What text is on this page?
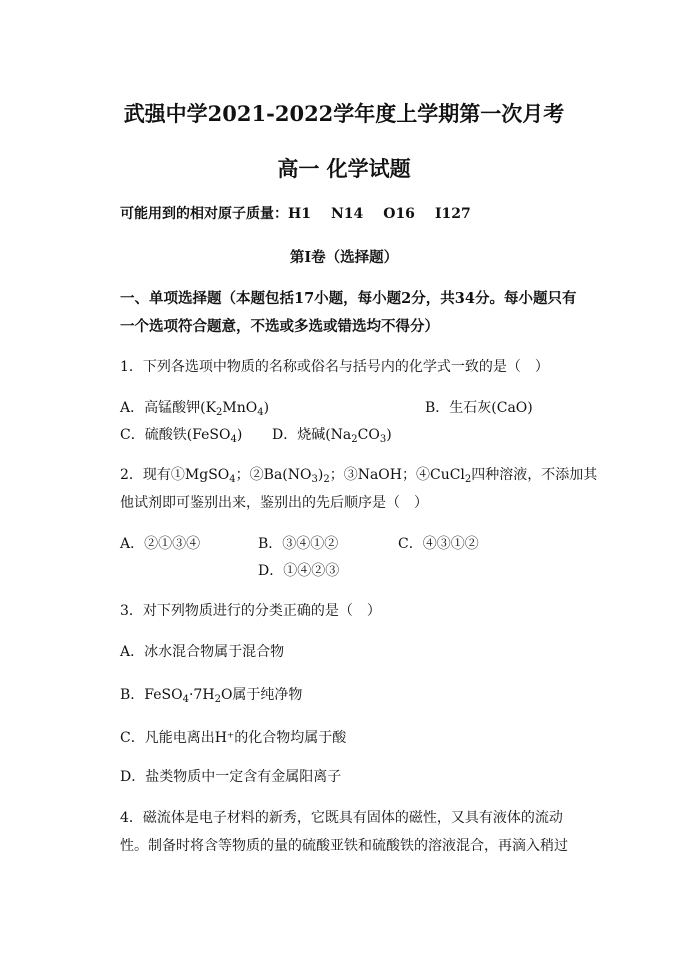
武强中学2021-2022学年度上学期第一次月考
高一 化学试题
可能用到的相对原子质量：H1 N14 O16 I127
第I卷（选择题）
一、单项选择题（本题包括17小题，每小题2分，共34分。每小题只有
一个选项符合题意，不选或多选或错选均不得分）
1．下列各选项中物质的名称或俗名与括号内的化学式一致的是（　）
A．高锰酸钾$(K_2MnO_4)$	B．生石灰(CaO)
C．硫酸铁(FeSO$_4$) D．烧碱$(Na_2CO_3)$
2．现有①MgSO$_4$；$②Ba(NO_3)_2$；③NaOH；④CuCl$_2$四种溶液，不添加其
他试剂即可鉴别出来，鉴别出的先后顺序是（　）
A．②①③④	B．③④①②	C．④③①②
D．①④②③
3．对下列物质进行的分类正确的是（　）
A．冰水混合物属于混合物
B．$FeSO_4\cdot 7H_2O$属于纯净物
C．凡能电离出H⁺的化合物均属于酸
D．盐类物质中一定含有金属阳离子
4．磁流体是电子材料的新秀，它既具有固体的磁性，又具有液体的流动
性。制备时将含等物质的量的硫酸亚铁和硫酸铁的溶液混合，再滴入稍过
